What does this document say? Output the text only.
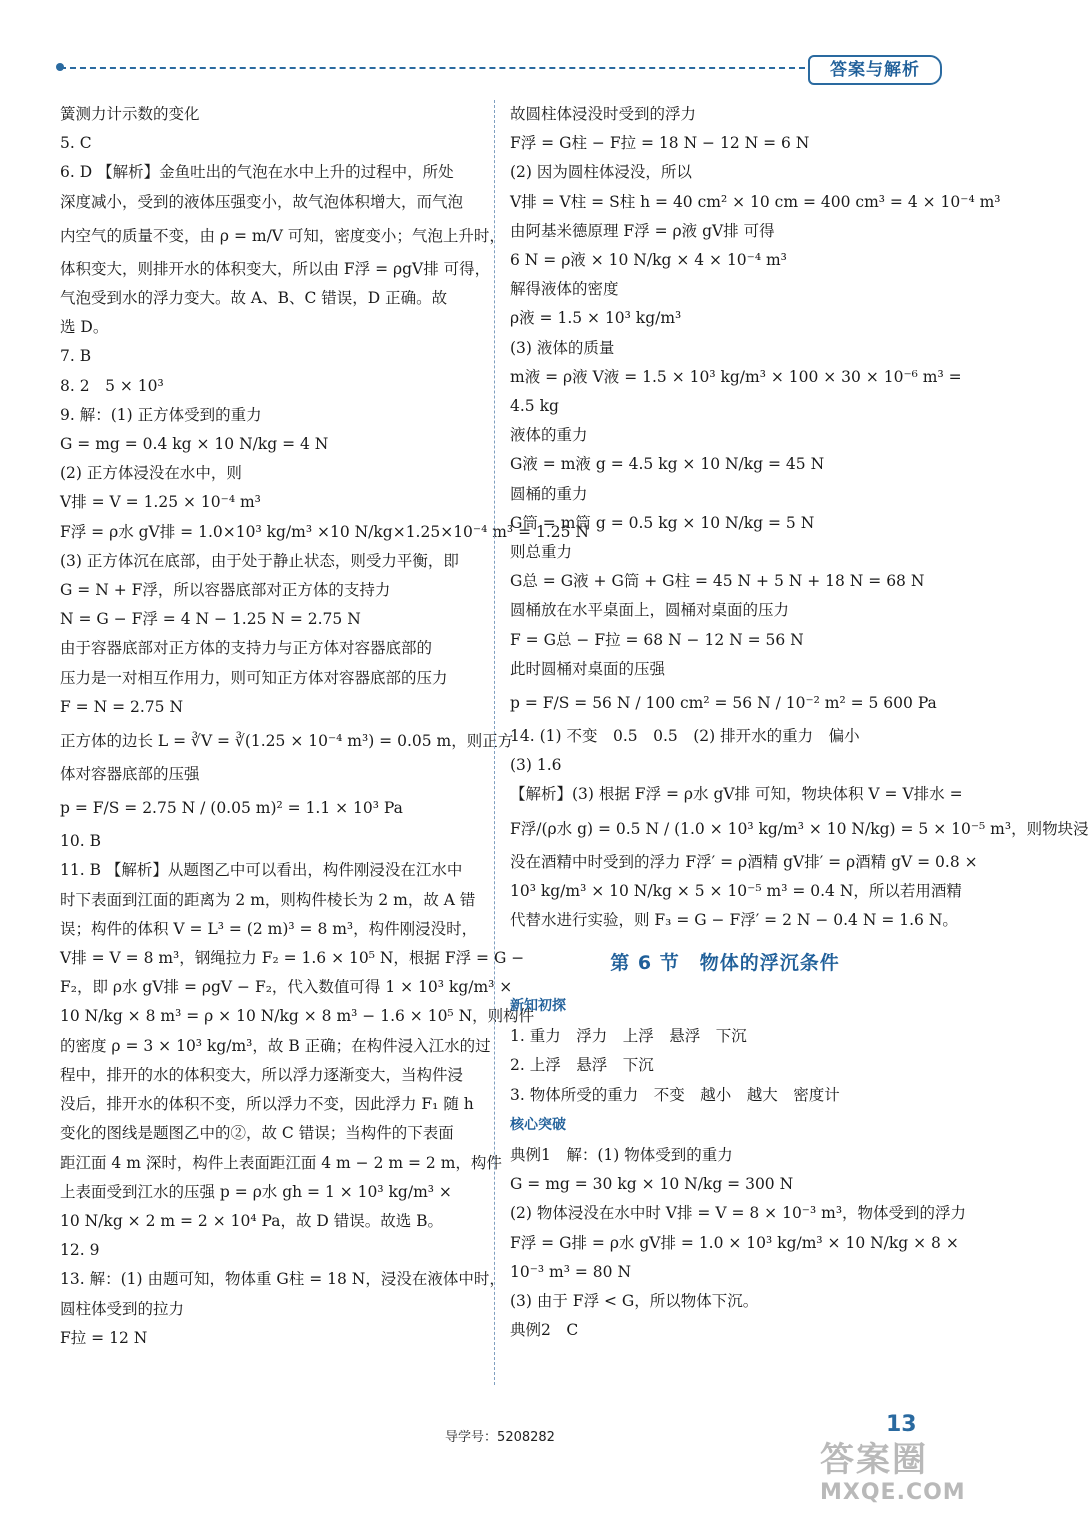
答案与解析
簧测力计示数的变化
5. C
6. D 【解析】金鱼吐出的气泡在水中上升的过程中，所处
深度减小，受到的液体压强变小，故气泡体积增大，而气泡
内空气的质量不变，由 ρ = m/V 可知，密度变小；气泡上升时，
体积变大，则排开水的体积变大，所以由 F浮 = ρgV排 可得，
气泡受到水的浮力变大。故 A、B、C 错误，D 正确。故
选 D。
7. B
8. 2　5 × 10³
9. 解：(1) 正方体受到的重力
G = mg = 0.4 kg × 10 N/kg = 4 N
(2) 正方体浸没在水中，则
V排 = V = 1.25 × 10⁻⁴ m³
F浮 = ρ水 gV排 = 1.0×10³ kg/m³ ×10 N/kg×1.25×10⁻⁴ m³ = 1.25 N
(3) 正方体沉在底部，由于处于静止状态，则受力平衡，即
G = N + F浮，所以容器底部对正方体的支持力
N = G − F浮 = 4 N − 1.25 N = 2.75 N
由于容器底部对正方体的支持力与正方体对容器底部的
压力是一对相互作用力，则可知正方体对容器底部的压力
F = N = 2.75 N
正方体的边长 L = ∛V = ∛(1.25 × 10⁻⁴ m³) = 0.05 m，则正方
体对容器底部的压强
p = F/S = 2.75 N / (0.05 m)² = 1.1 × 10³ Pa
10. B
11. B 【解析】从题图乙中可以看出，构件刚浸没在江水中
时下表面到江面的距离为 2 m，则构件棱长为 2 m，故 A 错
误；构件的体积 V = L³ = (2 m)³ = 8 m³，构件刚浸没时，
V排 = V = 8 m³，钢绳拉力 F₂ = 1.6 × 10⁵ N，根据 F浮 = G −
F₂，即 ρ水 gV排 = ρgV − F₂，代入数值可得 1 × 10³ kg/m³ ×
10 N/kg × 8 m³ = ρ × 10 N/kg × 8 m³ − 1.6 × 10⁵ N，则构件
的密度 ρ = 3 × 10³ kg/m³，故 B 正确；在构件浸入江水的过
程中，排开的水的体积变大，所以浮力逐渐变大，当构件浸
没后，排开水的体积不变，所以浮力不变，因此浮力 F₁ 随 h
变化的图线是题图乙中的②，故 C 错误；当构件的下表面
距江面 4 m 深时，构件上表面距江面 4 m − 2 m = 2 m，构件
上表面受到江水的压强 p = ρ水 gh = 1 × 10³ kg/m³ ×
10 N/kg × 2 m = 2 × 10⁴ Pa，故 D 错误。故选 B。
12. 9
13. 解：(1) 由题可知，物体重 G柱 = 18 N，浸没在液体中时，
圆柱体受到的拉力
F拉 = 12 N
故圆柱体浸没时受到的浮力
F浮 = G柱 − F拉 = 18 N − 12 N = 6 N
(2) 因为圆柱体浸没，所以
V排 = V柱 = S柱 h = 40 cm² × 10 cm = 400 cm³ = 4 × 10⁻⁴ m³
由阿基米德原理 F浮 = ρ液 gV排 可得
6 N = ρ液 × 10 N/kg × 4 × 10⁻⁴ m³
解得液体的密度
ρ液 = 1.5 × 10³ kg/m³
(3) 液体的质量
m液 = ρ液 V液 = 1.5 × 10³ kg/m³ × 100 × 30 × 10⁻⁶ m³ =
4.5 kg
液体的重力
G液 = m液 g = 4.5 kg × 10 N/kg = 45 N
圆桶的重力
G筒 = m筒 g = 0.5 kg × 10 N/kg = 5 N
则总重力
G总 = G液 + G筒 + G柱 = 45 N + 5 N + 18 N = 68 N
圆桶放在水平桌面上，圆桶对桌面的压力
F = G总 − F拉 = 68 N − 12 N = 56 N
此时圆桶对桌面的压强
p = F/S = 56 N / 100 cm² = 56 N / 10⁻² m² = 5 600 Pa
14. (1) 不变　0.5　0.5　(2) 排开水的重力　偏小
(3) 1.6
【解析】(3) 根据 F浮 = ρ水 gV排 可知，物块体积 V = V排水 =
F浮/(ρ水 g) = 0.5 N / (1.0 × 10³ kg/m³ × 10 N/kg) = 5 × 10⁻⁵ m³，则物块浸
没在酒精中时受到的浮力 F浮′ = ρ酒精 gV排′ = ρ酒精 gV = 0.8 ×
10³ kg/m³ × 10 N/kg × 5 × 10⁻⁵ m³ = 0.4 N，所以若用酒精
代替水进行实验，则 F₃ = G − F浮′ = 2 N − 0.4 N = 1.6 N。
第 6 节　物体的浮沉条件
新知初探
1. 重力　浮力　上浮　悬浮　下沉
2. 上浮　悬浮　下沉
3. 物体所受的重力　不变　越小　越大　密度计
核心突破
典例1　解：(1) 物体受到的重力
G = mg = 30 kg × 10 N/kg = 300 N
(2) 物体浸没在水中时 V排 = V = 8 × 10⁻³ m³，物体受到的浮力
F浮 = G排 = ρ水 gV排 = 1.0 × 10³ kg/m³ × 10 N/kg × 8 ×
10⁻³ m³ = 80 N
(3) 由于 F浮 < G，所以物体下沉。
典例2　C
导学号：5208282
13
答案圈
MXQE.COM
